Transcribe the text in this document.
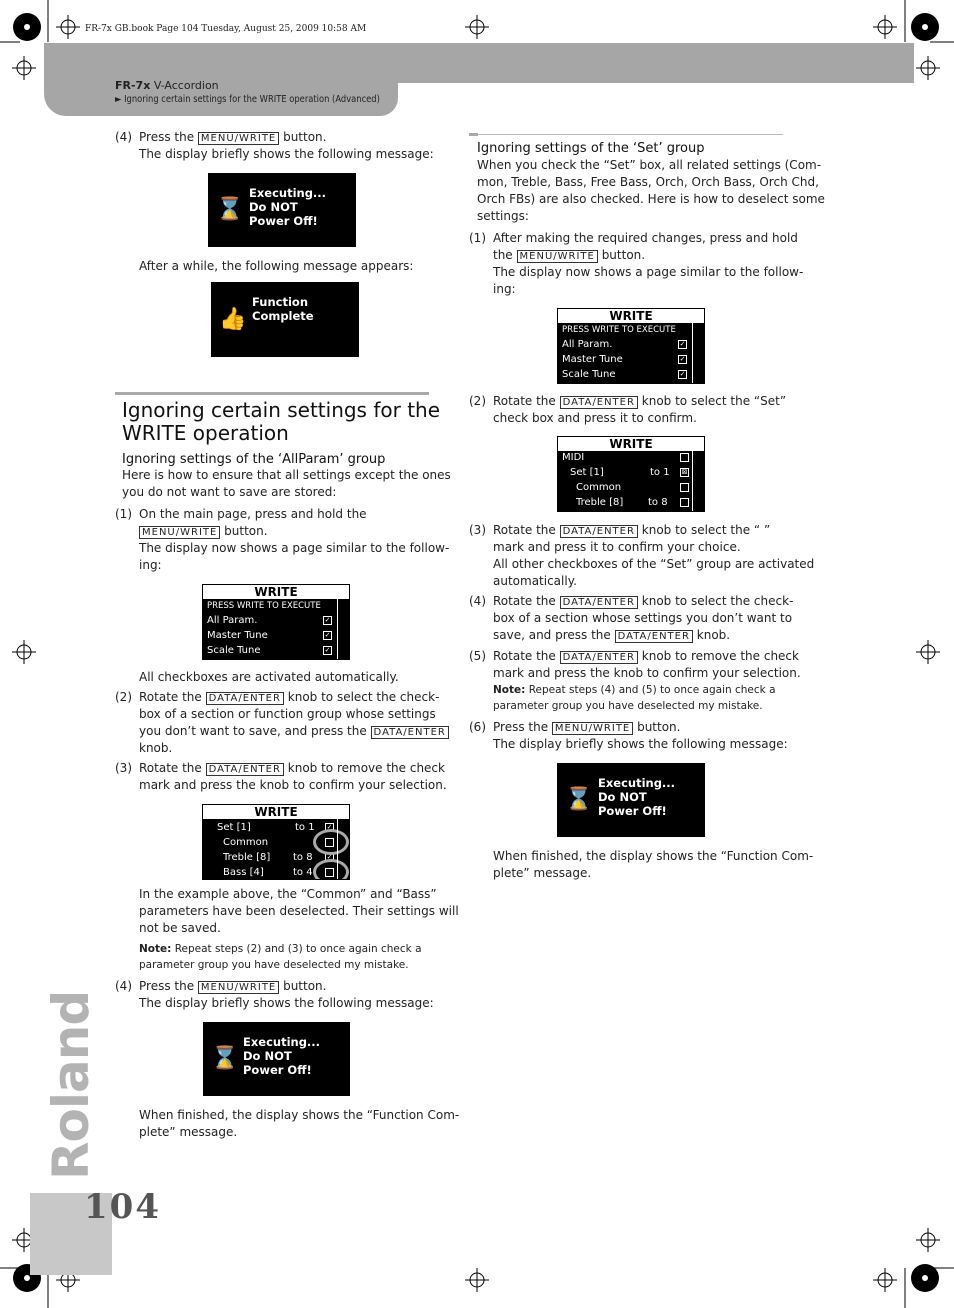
FR-7x GB.book Page 104 Tuesday, August 25, 2009 10:58 AM
FR-7x V-Accordion
► Ignoring certain settings for the WRITE operation (Advanced)
Roland
104
(4) Press the MENU/WRITE button.
The display briefly shows the following message:
⌛
Executing...
Do NOT
Power Off!
After a while, the following message appears:
👍
Function
Complete
Ignoring certain settings for the
WRITE operation
Ignoring settings of the ‘AllParam’ group
Here is how to ensure that all settings except the ones
you do not want to save are stored:
(1) On the main page, press and hold the
MENU/WRITE button.
The display now shows a page similar to the follow-
ing:
WRITE
PRESS WRITE TO EXECUTE
All Param.
Master Tune
Scale Tune
✓
✓
✓
All checkboxes are activated automatically.
(2) Rotate the DATA/ENTER knob to select the check-
box of a section or function group whose settings
you don’t want to save, and press the DATA/ENTER
knob.
(3) Rotate the DATA/ENTER knob to remove the check
mark and press the knob to confirm your selection.
WRITE
Set [1]
Common
Treble [8]
Bass [4]
to 1
to 8
to 4
✓
✓
In the example above, the “Common” and “Bass”
parameters have been deselected. Their settings will
not be saved.
Note: Repeat steps (2) and (3) to once again check a
parameter group you have deselected my mistake.
(4) Press the MENU/WRITE button.
The display briefly shows the following message:
⌛
Executing...
Do NOT
Power Off!
When finished, the display shows the “Function Com-
plete” message.
Ignoring settings of the ‘Set’ group
When you check the “Set” box, all related settings (Com-
mon, Treble, Bass, Free Bass, Orch, Orch Bass, Orch Chd,
Orch FBs) are also checked. Here is how to deselect some
settings:
(1) After making the required changes, press and hold
the MENU/WRITE button.
The display now shows a page similar to the follow-
ing:
WRITE
PRESS WRITE TO EXECUTE
All Param.
Master Tune
Scale Tune
✓
✓
✓
(2) Rotate the DATA/ENTER knob to select the “Set”
check box and press it to confirm.
WRITE
MIDI
Set [1]
Common
Treble [8]
to 1
to 8
⊠
(3) Rotate the DATA/ENTER knob to select the “ ”
mark and press it to confirm your choice.
All other checkboxes of the “Set” group are activated
automatically.
(4) Rotate the DATA/ENTER knob to select the check-
box of a section whose settings you don’t want to
save, and press the DATA/ENTER knob.
(5) Rotate the DATA/ENTER knob to remove the check
mark and press the knob to confirm your selection.
Note: Repeat steps (4) and (5) to once again check a
parameter group you have deselected my mistake.
(6) Press the MENU/WRITE button.
The display briefly shows the following message:
⌛
Executing...
Do NOT
Power Off!
When finished, the display shows the “Function Com-
plete” message.
